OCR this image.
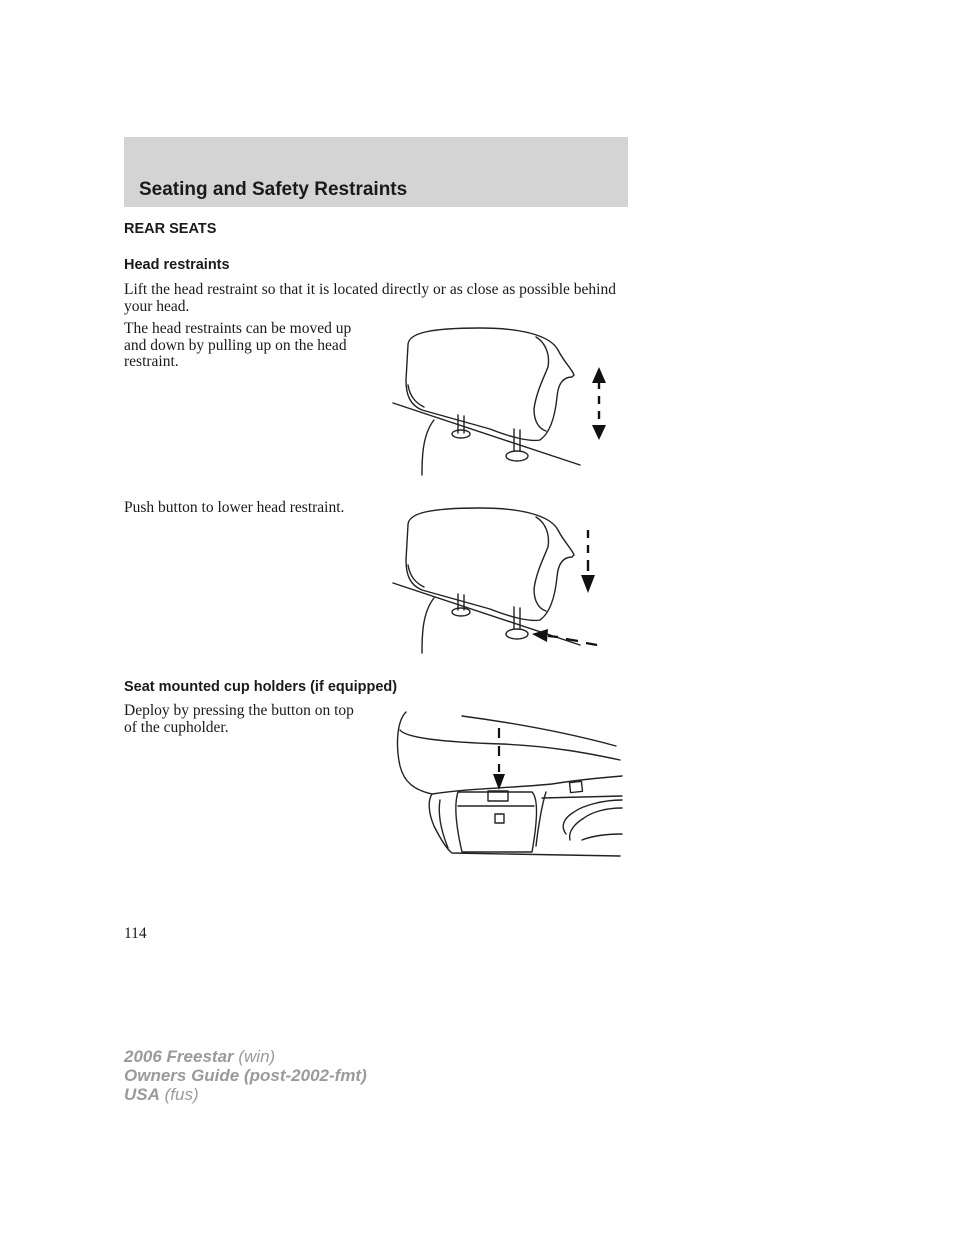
Seating and Safety Restraints
REAR SEATS
Head restraints

Lift the head restraint so that it is located directly or as close as possible behind your head.

The head restraints can be moved up and down by pulling up on the head restraint.

Push button to lower head restraint.

Seat mounted cup holders (if equipped)

Deploy by pressing the button on top of the cupholder.

114

2006 Freestar (win)
Owners Guide (post-2002-fmt)
USA (fus)
